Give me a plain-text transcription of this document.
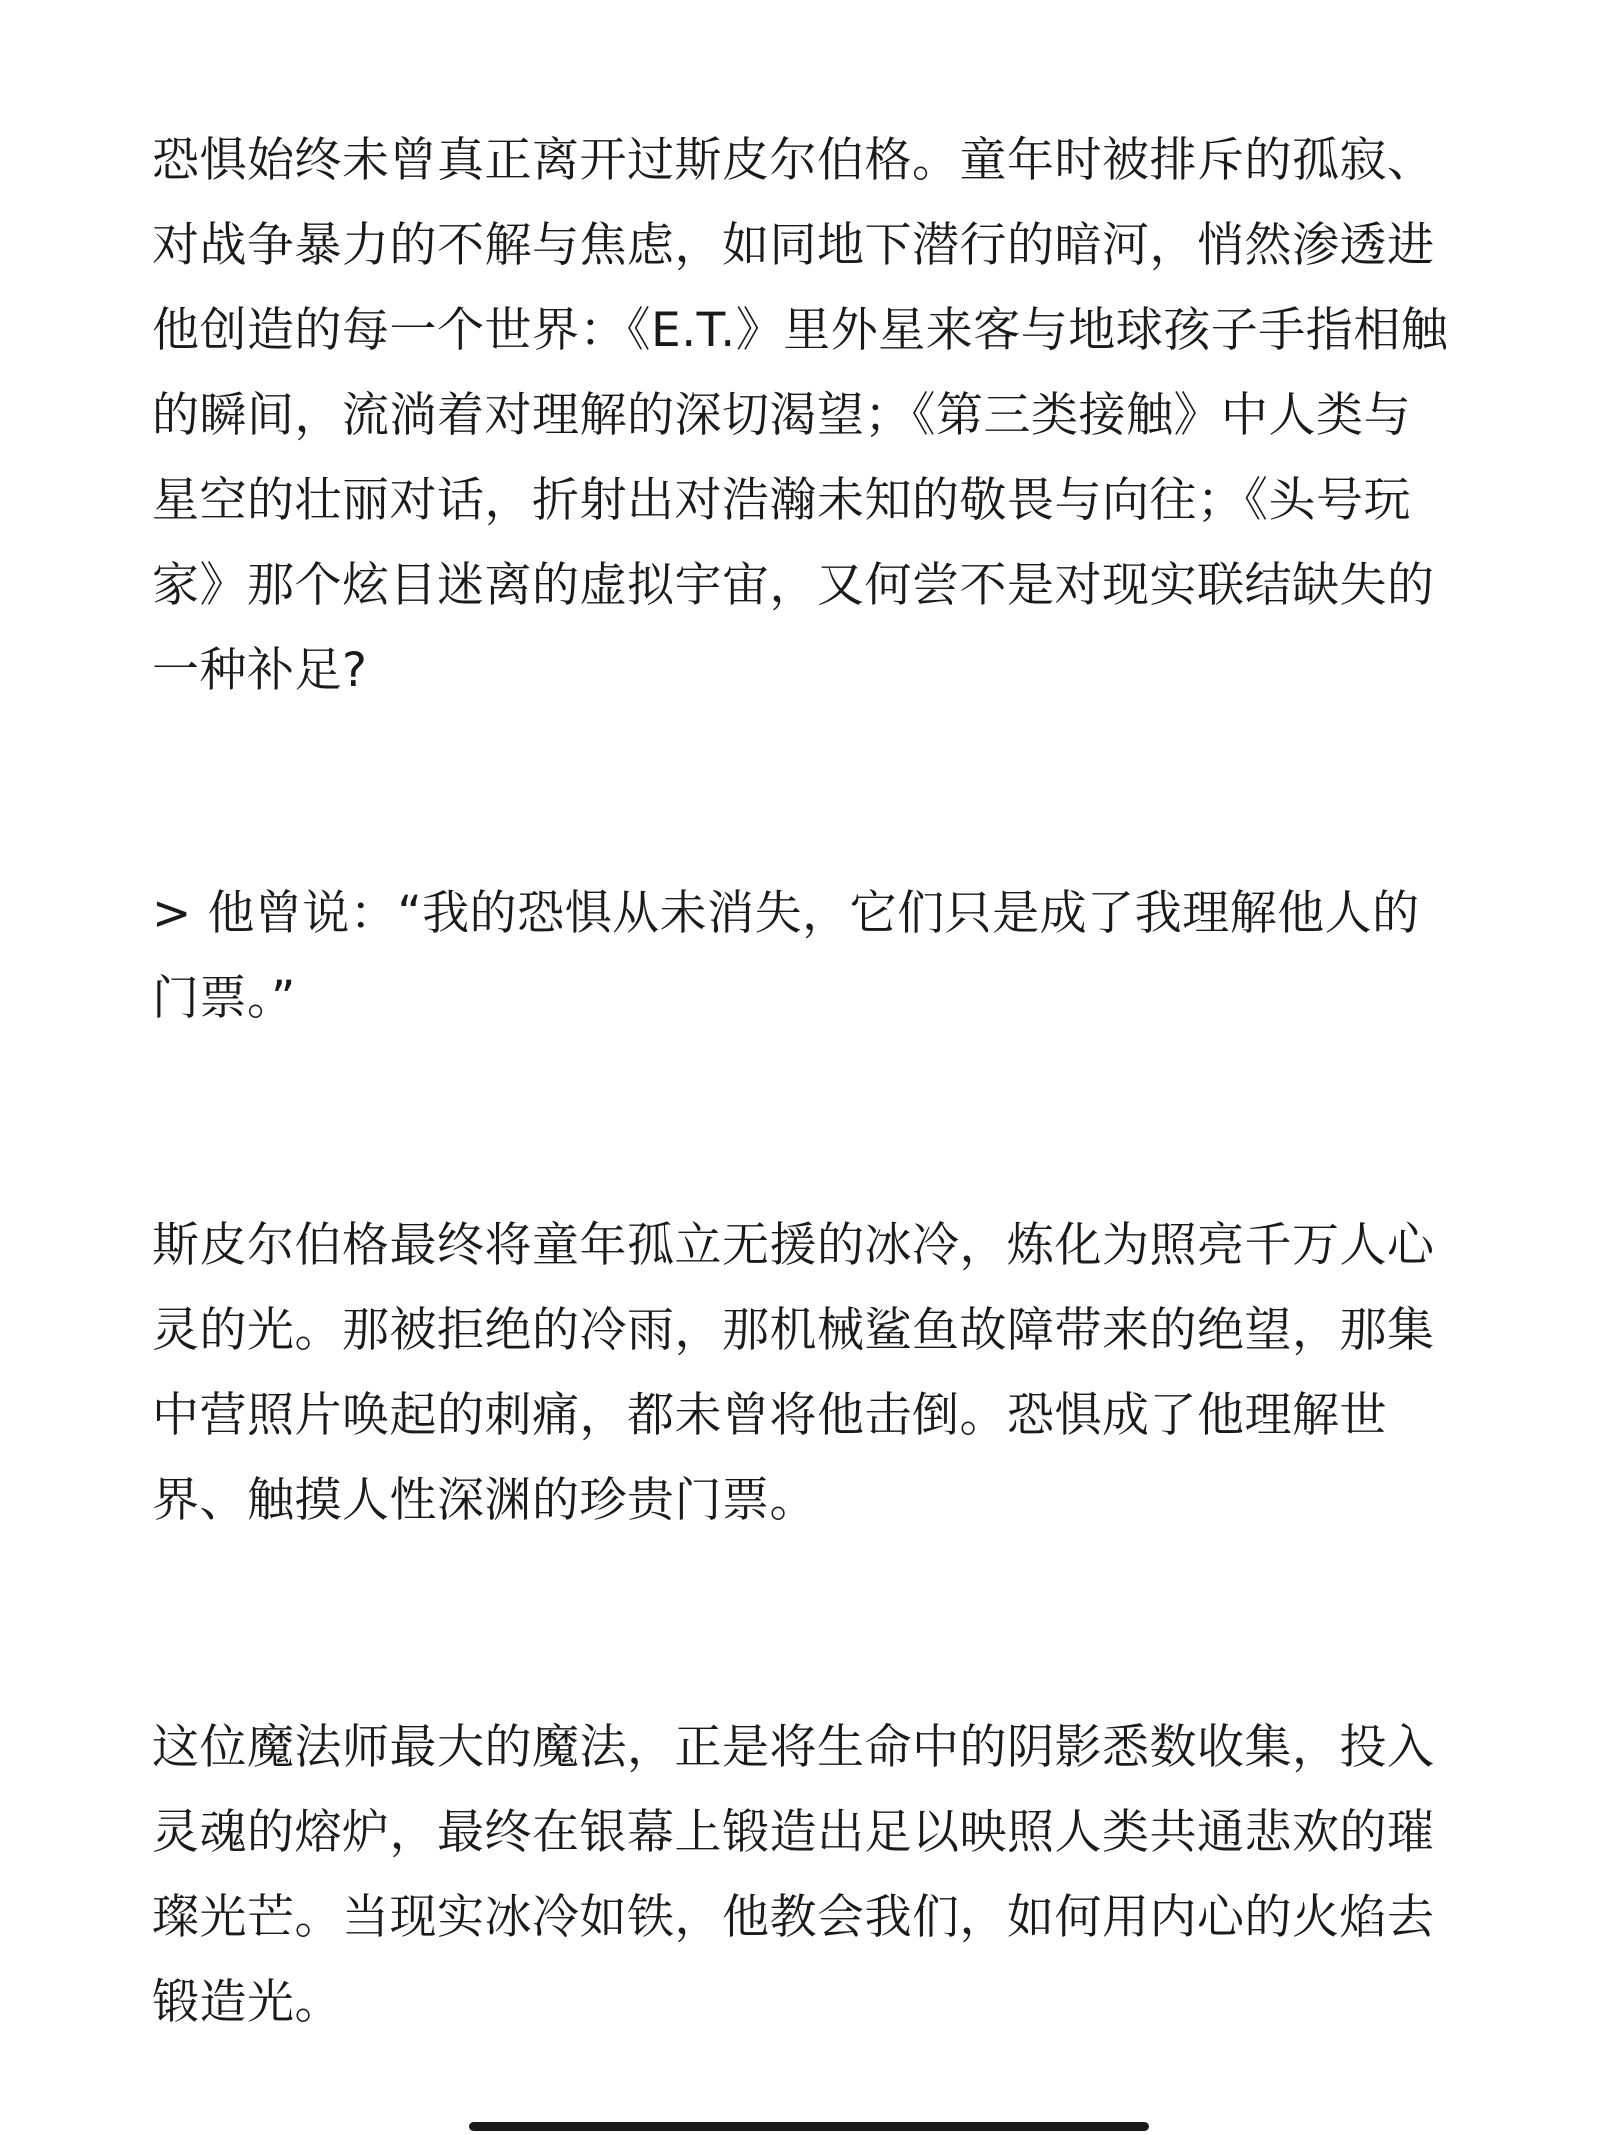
恐惧始终未曾真正离开过斯皮尔伯格。童年时被排斥的孤寂、对战争暴力的不解与焦虑，如同地下潜行的暗河，悄然渗透进他创造的每一个世界：《E.T.》里外星来客与地球孩子手指相触的瞬间，流淌着对理解的深切渴望；《第三类接触》中人类与星空的壮丽对话，折射出对浩瀚未知的敬畏与向往；《头号玩家》那个炫目迷离的虚拟宇宙，又何尝不是对现实联结缺失的一种补足?

> 他曾说：“我的恐惧从未消失，它们只是成了我理解他人的门票。”

斯皮尔伯格最终将童年孤立无援的冰冷，炼化为照亮千万人心灵的光。那被拒绝的冷雨，那机械鲨鱼故障带来的绝望，那集中营照片唤起的刺痛，都未曾将他击倒。恐惧成了他理解世界、触摸人性深渊的珍贵门票。

这位魔法师最大的魔法，正是将生命中的阴影悉数收集，投入灵魂的熔炉，最终在银幕上锻造出足以映照人类共通悲欢的璀璨光芒。当现实冰冷如铁，他教会我们，如何用内心的火焰去锻造光。
